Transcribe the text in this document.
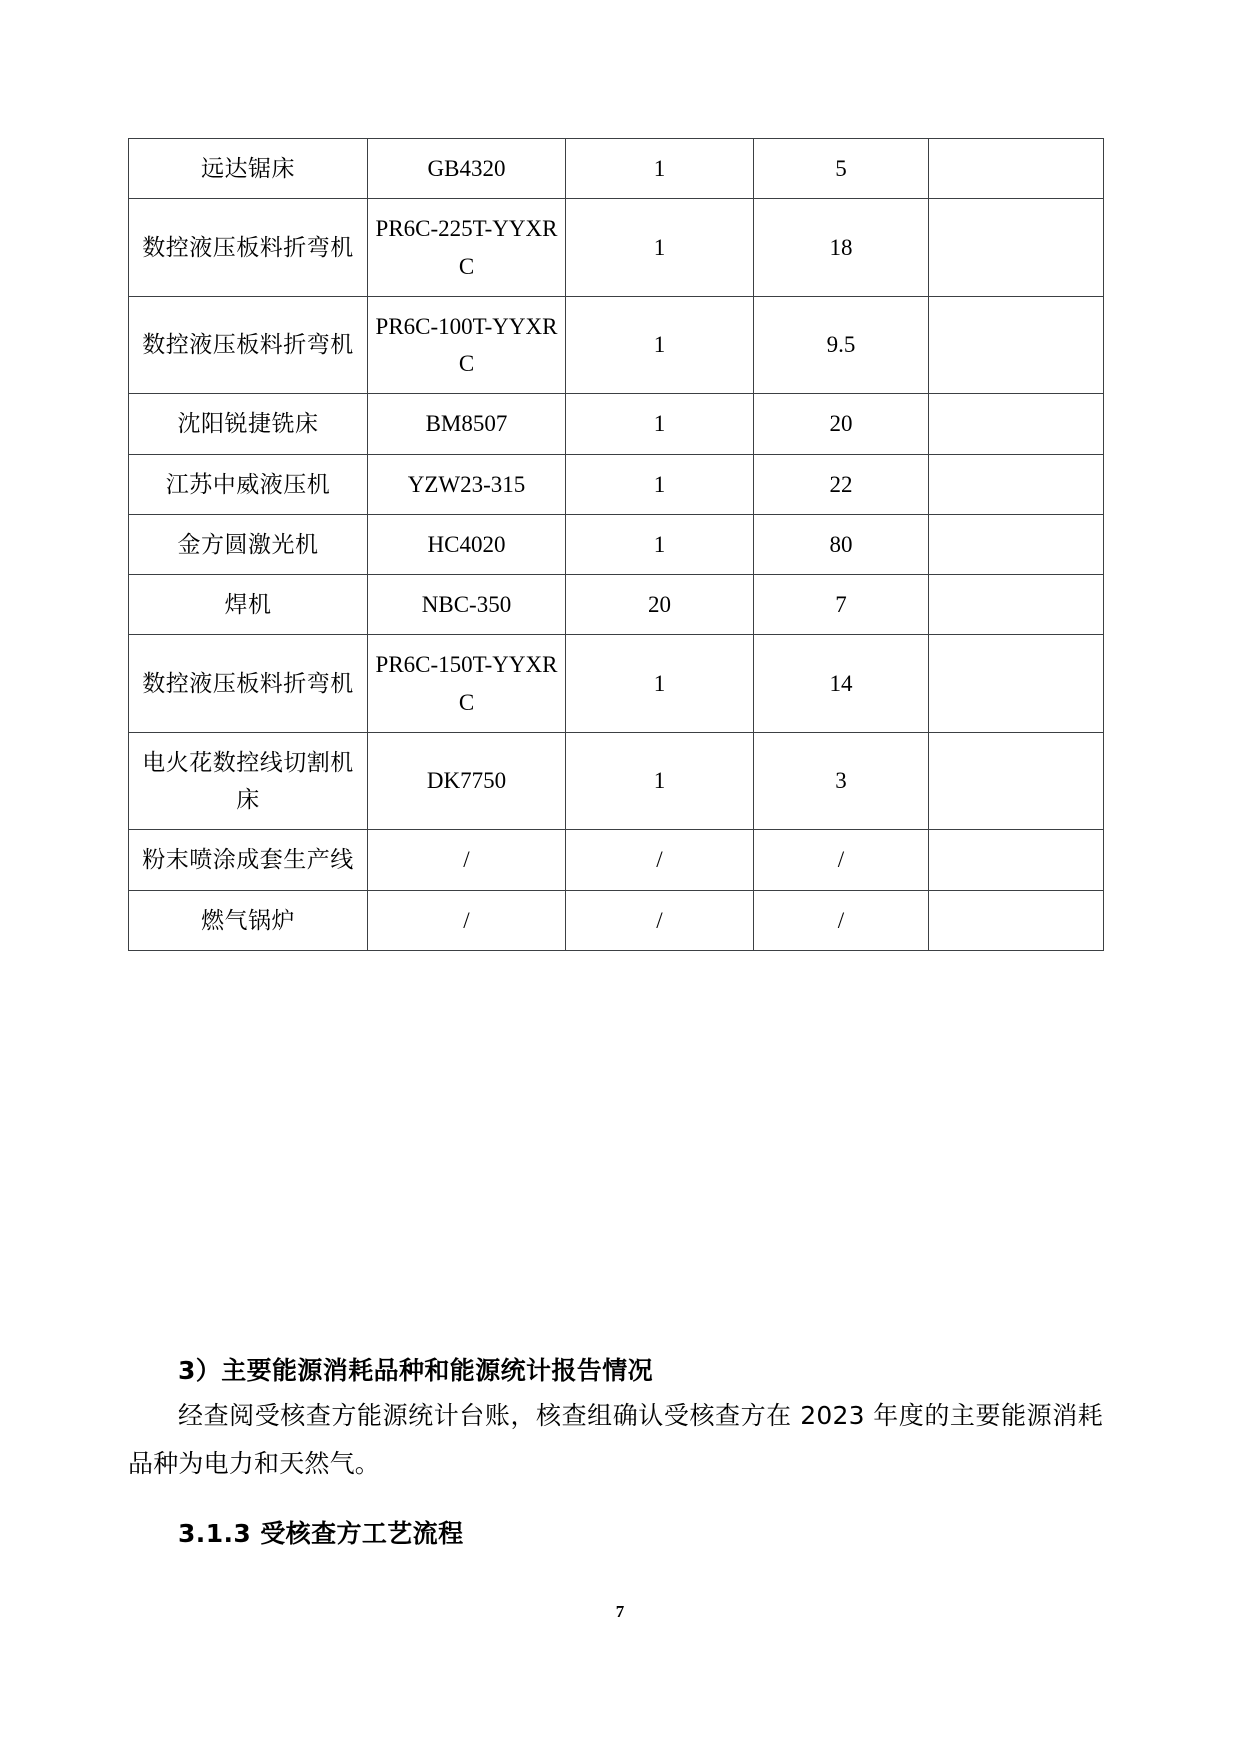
远达锯床	GB4320	1	5	
数控液压板料折弯机	PR6C-225T-YYXRC	1	18	
数控液压板料折弯机	PR6C-100T-YYXRC	1	9.5	
沈阳锐捷铣床	BM8507	1	20	
江苏中威液压机	YZW23-315	1	22	
金方圆激光机	HC4020	1	80	
焊机	NBC-350	20	7	
数控液压板料折弯机	PR6C-150T-YYXRC	1	14	
电火花数控线切割机床	DK7750	1	3	
粉末喷涂成套生产线	/	/	/	
燃气锅炉	/	/	/	
3）主要能源消耗品种和能源统计报告情况

经查阅受核查方能源统计台账，核查组确认受核查方在 2023 年度的主要能源消耗品种为电力和天然气。

3.1.3 受核查方工艺流程
7
